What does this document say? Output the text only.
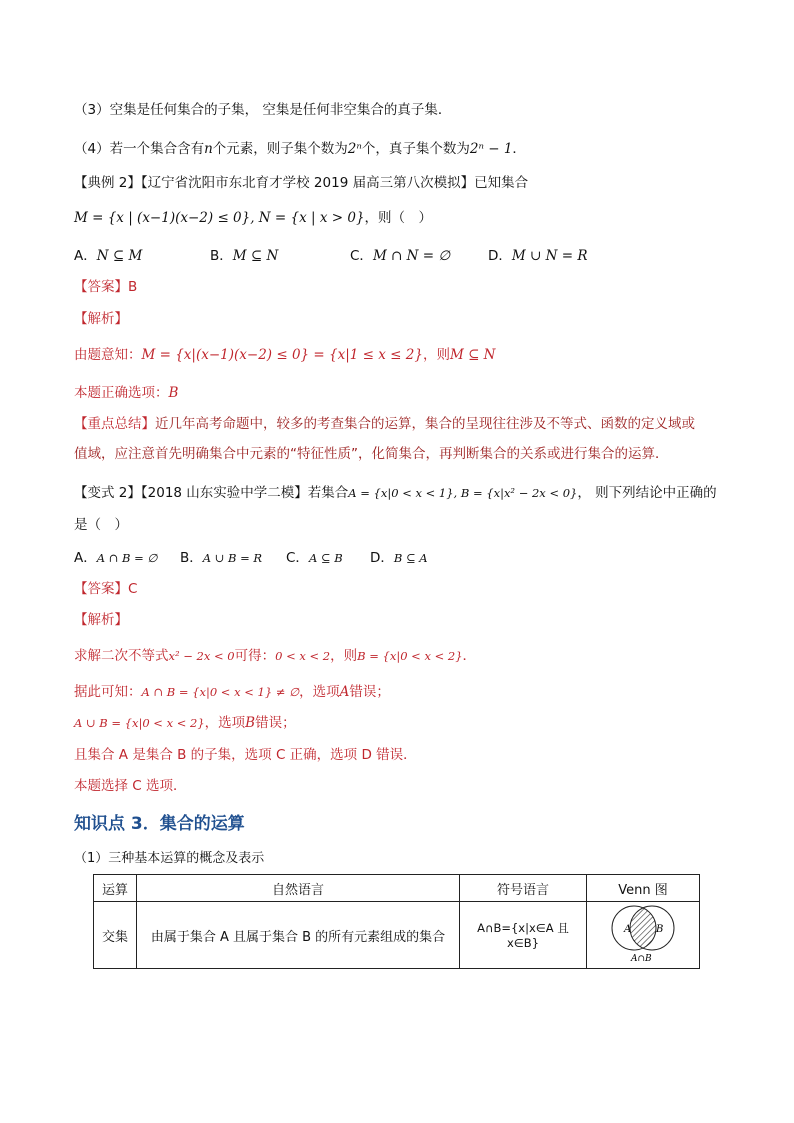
（3）空集是任何集合的子集， 空集是任何非空集合的真子集．
（4）若一个集合含有n个元素，则子集个数为2ⁿ个，真子集个数为2ⁿ − 1．
【典例 2】【辽宁省沈阳市东北育才学校 2019 届高三第八次模拟】已知集合
M = {x | (x−1)(x−2) ≤ 0}, N = {x | x > 0}，则（　）
A．N ⊆ M	B．M ⊆ N	C．M ∩ N = ∅	D．M ∪ N = R
【答案】B
【解析】
由题意知：M = {x|(x−1)(x−2) ≤ 0} = {x|1 ≤ x ≤ 2}，则M ⊆ N
本题正确选项：B
【重点总结】近几年高考命题中，较多的考查集合的运算，集合的呈现往往涉及不等式、函数的定义域或
值域，应注意首先明确集合中元素的“特征性质”，化简集合，再判断集合的关系或进行集合的运算．
【变式 2】【2018 山东实验中学二模】若集合A = {x|0 < x < 1}, B = {x|x² − 2x < 0}， 则下列结论中正确的
是（　）
A．A ∩ B = ∅ B．A ∪ B = R C．A ⊆ B D．B ⊆ A
【答案】C
【解析】
求解二次不等式x² − 2x < 0可得：0 < x < 2，则B = {x|0 < x < 2}．
据此可知：A ∩ B = {x|0 < x < 1} ≠ ∅，选项A错误；
A ∪ B = {x|0 < x < 2}，选项B错误；
且集合 A 是集合 B 的子集，选项 C 正确，选项 D 错误．
本题选择 C 选项．
知识点 3．集合的运算
（1）三种基本运算的概念及表示
运算	自然语言	符号语言	Venn 图
交集	由属于集合 A 且属于集合 B 的所有元素组成的集合	A∩B={x|x∈A 且 x∈B}	A B
A∩B
